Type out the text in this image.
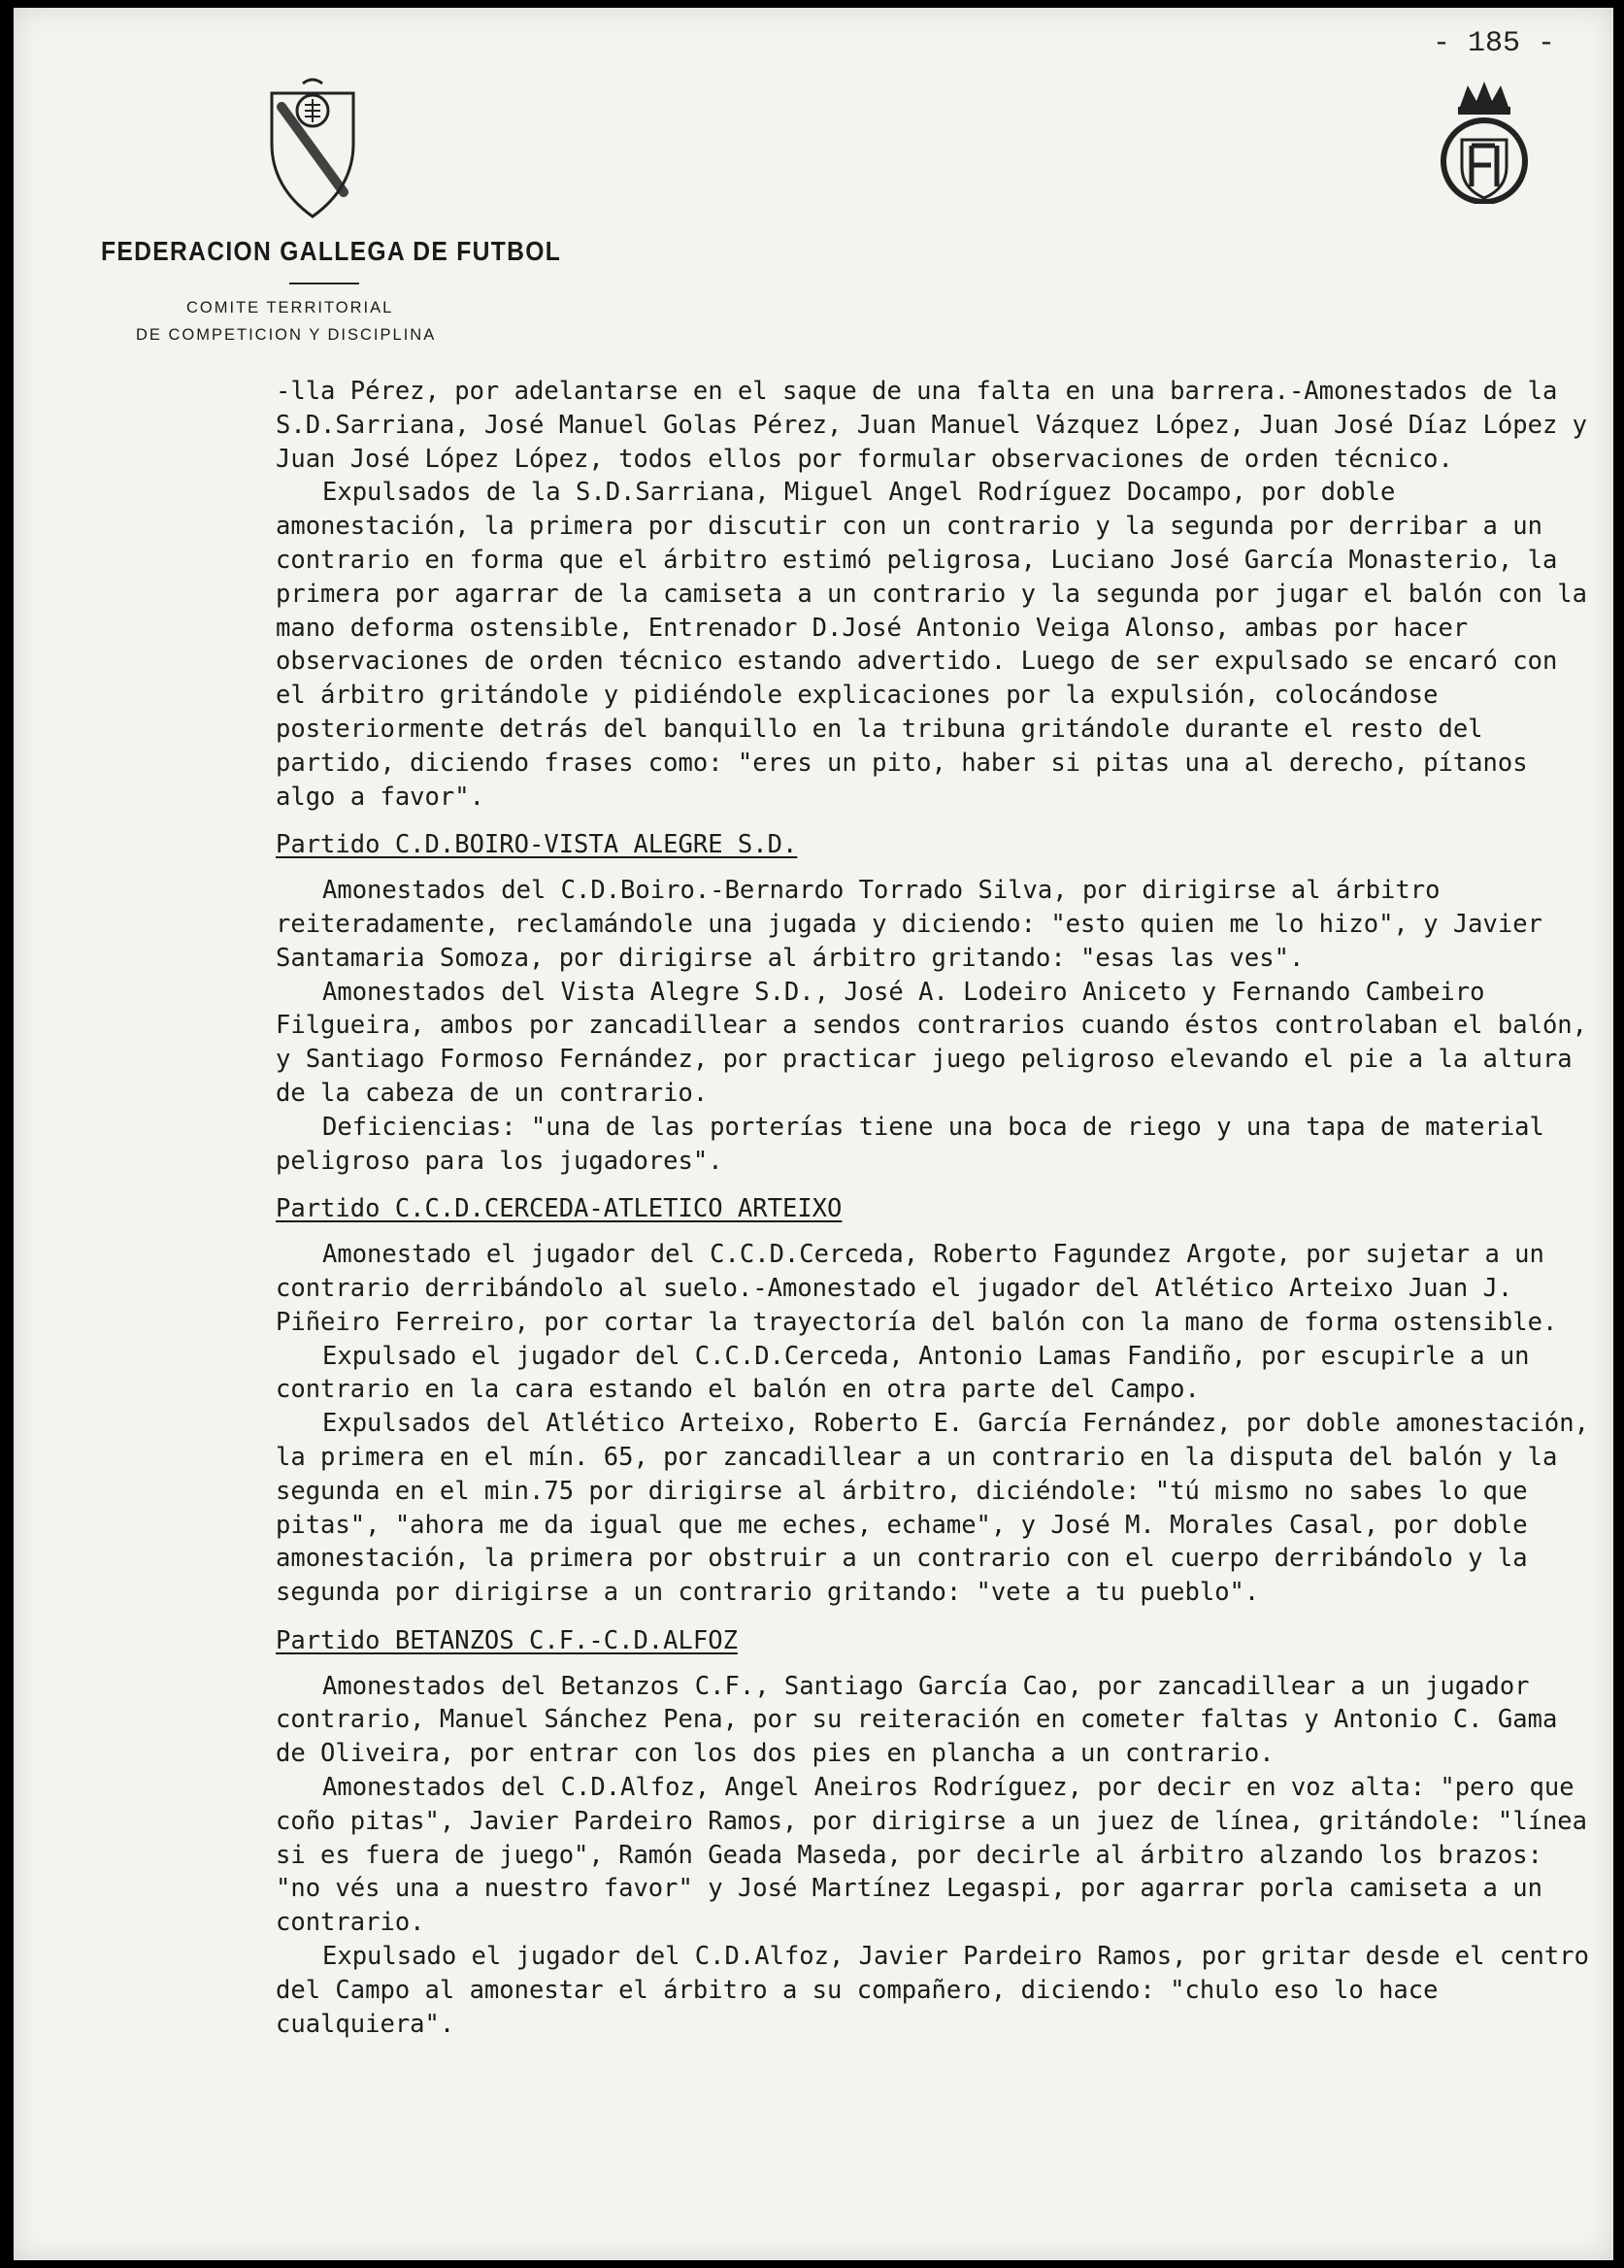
- 185 -
FEDERACION GALLEGA DE FUTBOL
COMITE TERRITORIAL
DE COMPETICION Y DISCIPLINA

-lla Pérez, por adelantarse en el saque de una falta en una barrera.-Amonestados de la S.D.Sarriana, José Manuel Golas Pérez, Juan Manuel Vázquez López, Juan José Díaz López y Juan José López López, todos ellos por formular observaciones de orden técnico.

Expulsados de la S.D.Sarriana, Miguel Angel Rodríguez Docampo, por doble amonestación, la primera por discutir con un contrario y la segunda por derribar a un contrario en forma que el árbitro estimó peligrosa, Luciano José García Monasterio, la primera por agarrar de la camiseta a un contrario y la segunda por jugar el balón con la mano deforma ostensible, Entrenador D.José Antonio Veiga Alonso, ambas por hacer observaciones de orden técnico estando advertido. Luego de ser expulsado se encaró con el árbitro gritándole y pidiéndole explicaciones por la expulsión, colocándose posteriormente detrás del banquillo en la tribuna gritándole durante el resto del partido, diciendo frases como: "eres un pito, haber si pitas una al derecho, pítanos algo a favor".

Partido C.D.BOIRO-VISTA ALEGRE S.D.

Amonestados del C.D.Boiro.-Bernardo Torrado Silva, por dirigirse al árbitro reiteradamente, reclamándole una jugada y diciendo: "esto quien me lo hizo", y Javier Santamaria Somoza, por dirigirse al árbitro gritando: "esas las ves".

Amonestados del Vista Alegre S.D., José A. Lodeiro Aniceto y Fernando Cambeiro Filgueira, ambos por zancadillear a sendos contrarios cuando éstos controlaban el balón, y Santiago Formoso Fernández, por practicar juego peligroso elevando el pie a la altura de la cabeza de un contrario.

Deficiencias: "una de las porterías tiene una boca de riego y una tapa de material peligroso para los jugadores".

Partido C.C.D.CERCEDA-ATLETICO ARTEIXO

Amonestado el jugador del C.C.D.Cerceda, Roberto Fagundez Argote, por sujetar a un contrario derribándolo al suelo.-Amonestado el jugador del Atlético Arteixo Juan J. Piñeiro Ferreiro, por cortar la trayectoría del balón con la mano de forma ostensible.

Expulsado el jugador del C.C.D.Cerceda, Antonio Lamas Fandiño, por escupirle a un contrario en la cara estando el balón en otra parte del Campo.

Expulsados del Atlético Arteixo, Roberto E. García Fernández, por doble amonestación, la primera en el mín. 65, por zancadillear a un contrario en la disputa del balón y la segunda en el min.75 por dirigirse al árbitro, diciéndole: "tú mismo no sabes lo que pitas", "ahora me da igual que me eches, echame", y José M. Morales Casal, por doble amonestación, la primera por obstruir a un contrario con el cuerpo derribándolo y la segunda por dirigirse a un contrario gritando: "vete a tu pueblo".

Partido BETANZOS C.F.-C.D.ALFOZ

Amonestados del Betanzos C.F., Santiago García Cao, por zancadillear a un jugador contrario, Manuel Sánchez Pena, por su reiteración en cometer faltas y Antonio C. Gama de Oliveira, por entrar con los dos pies en plancha a un contrario.

Amonestados del C.D.Alfoz, Angel Aneiros Rodríguez, por decir en voz alta: "pero que coño pitas", Javier Pardeiro Ramos, por dirigirse a un juez de línea, gritándole: "línea si es fuera de juego", Ramón Geada Maseda, por decirle al árbitro alzando los brazos: "no vés una a nuestro favor" y José Martínez Legaspi, por agarrar porla camiseta a un contrario.

Expulsado el jugador del C.D.Alfoz, Javier Pardeiro Ramos, por gritar desde el centro del Campo al amonestar el árbitro a su compañero, diciendo: "chulo eso lo hace cualquiera".
